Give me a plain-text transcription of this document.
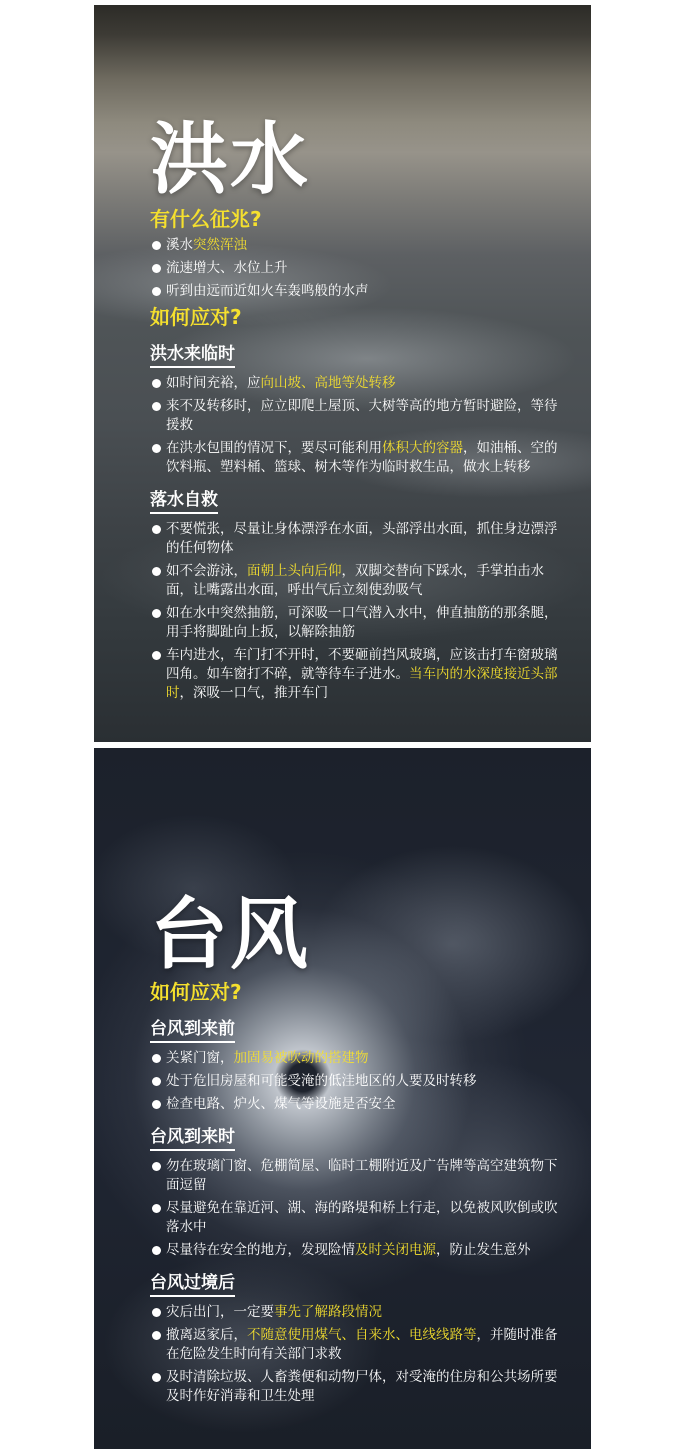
洪水
有什么征兆?
溪水突然浑浊
流速增大、水位上升
听到由远而近如火车轰鸣般的水声
如何应对?
洪水来临时
如时间充裕，应向山坡、高地等处转移
来不及转移时，应立即爬上屋顶、大树等高的地方暂时避险，等待援救
在洪水包围的情况下，要尽可能利用体积大的容器，如油桶、空的饮料瓶、塑料桶、篮球、树木等作为临时救生品，做水上转移
落水自救
不要慌张，尽量让身体漂浮在水面，头部浮出水面，抓住身边漂浮的任何物体
如不会游泳，面朝上头向后仰，双脚交替向下踩水，手掌拍击水面，让嘴露出水面，呼出气后立刻使劲吸气
如在水中突然抽筋，可深吸一口气潜入水中，伸直抽筋的那条腿，用手将脚趾向上扳，以解除抽筋
车内进水，车门打不开时，不要砸前挡风玻璃，应该击打车窗玻璃四角。如车窗打不碎，就等待车子进水。当车内的水深度接近头部时，深吸一口气，推开车门
台风
如何应对?
台风到来前
关紧门窗，加固易被吹动的搭建物
处于危旧房屋和可能受淹的低洼地区的人要及时转移
检查电路、炉火、煤气等设施是否安全
台风到来时
勿在玻璃门窗、危棚简屋、临时工棚附近及广告牌等高空建筑物下面逗留
尽量避免在靠近河、湖、海的路堤和桥上行走，以免被风吹倒或吹落水中
尽量待在安全的地方，发现险情及时关闭电源，防止发生意外
台风过境后
灾后出门，一定要事先了解路段情况
撤离返家后，不随意使用煤气、自来水、电线线路等，并随时准备在危险发生时向有关部门求救
及时清除垃圾、人畜粪便和动物尸体，对受淹的住房和公共场所要及时作好消毒和卫生处理
